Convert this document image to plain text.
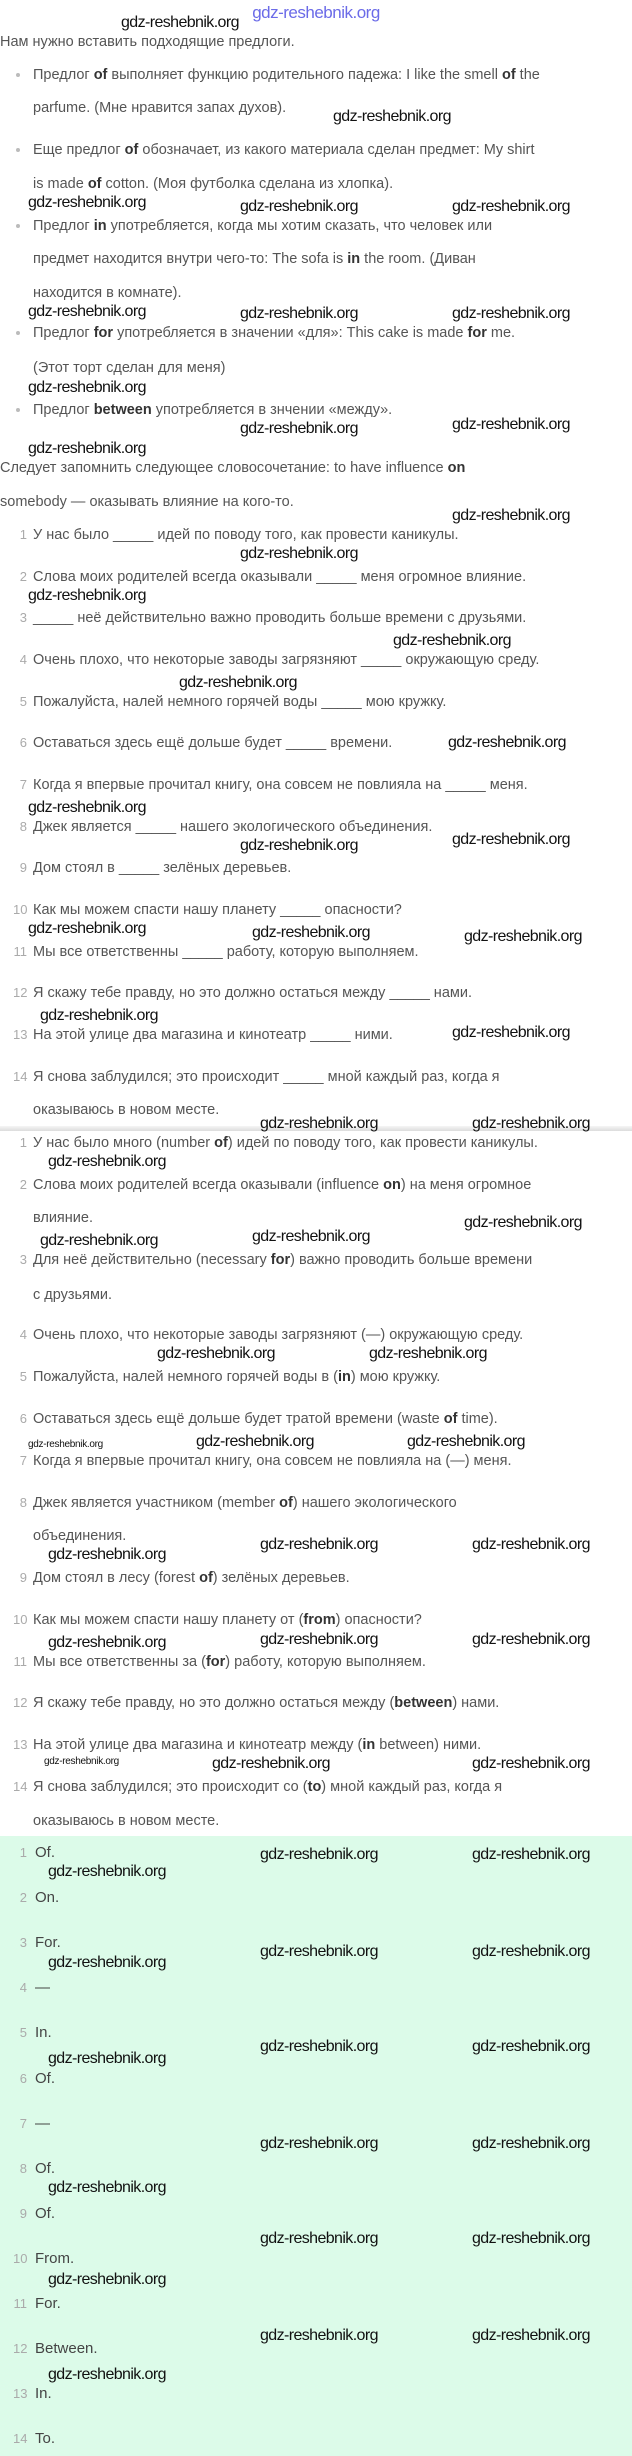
gdz-reshebnik.org
Нам нужно вставить подходящие предлоги.
Предлог of выполняет функцию родительного падежа: I like the smell of the
parfume. (Мне нравится запах духов).
Еще предлог of обозначает, из какого материала сделан предмет: My shirt
is made of cotton. (Моя футболка сделана из хлопка).
Предлог in употребляется, когда мы хотим сказать, что человек или
предмет находится внутри чего-то: The sofa is in the room. (Диван
находится в комнате).
Предлог for употребляется в значении «для»: This cake is made for me.
(Этот торт сделан для меня)
Предлог between употребляется в знчении «между».
Следует запомнить следующее словосочетание: to have influence on
somebody — оказывать влияние на кого-то.
1 У нас было _____ идей по поводу того, как провести каникулы.
2 Слова моих родителей всегда оказывали _____ меня огромное влияние.
3 _____ неё действительно важно проводить больше времени с друзьями.
4 Очень плохо, что некоторые заводы загрязняют _____ окружающую среду.
5 Пожалуйста, налей немного горячей воды _____ мою кружку.
6 Оставаться здесь ещё дольше будет _____ времени.
7 Когда я впервые прочитал книгу, она совсем не повлияла на _____ меня.
8 Джек является _____ нашего экологического объединения.
9 Дом стоял в _____ зелёных деревьев.
10 Как мы можем спасти нашу планету _____ опасности?
11 Мы все ответственны _____ работу, которую выполняем.
12 Я скажу тебе правду, но это должно остаться между _____ нами.
13 На этой улице два магазина и кинотеатр _____ ними.
14 Я снова заблудился; это происходит _____ мной каждый раз, когда я
оказываюсь в новом месте.
1 У нас было много (number of) идей по поводу того, как провести каникулы.
2 Слова моих родителей всегда оказывали (influence on) на меня огромное
влияние.
3 Для неё действительно (necessary for) важно проводить больше времени
с друзьями.
4 Очень плохо, что некоторые заводы загрязняют (—) окружающую среду.
5 Пожалуйста, налей немного горячей воды в (in) мою кружку.
6 Оставаться здесь ещё дольше будет тратой времени (waste of time).
7 Когда я впервые прочитал книгу, она совсем не повлияла на (—) меня.
8 Джек является участником (member of) нашего экологического
объединения.
9 Дом стоял в лесу (forest of) зелёных деревьев.
10 Как мы можем спасти нашу планету от (from) опасности?
11 Мы все ответственны за (for) работу, которую выполняем.
12 Я скажу тебе правду, но это должно остаться между (between) нами.
13 На этой улице два магазина и кинотеатр между (in between) ними.
14 Я снова заблудился; это происходит со (to) мной каждый раз, когда я
оказываюсь в новом месте.
1 Of.
2 On.
3 For.
4 —
5 In.
6 Of.
7 —
8 Of.
9 Of.
10 From.
11 For.
12 Between.
13 In.
14 To.
gdz-reshebnik.org
gdz-reshebnik.org
gdz-reshebnik.org	gdz-reshebnik.org	gdz-reshebnik.org
gdz-reshebnik.org	gdz-reshebnik.org	gdz-reshebnik.org
gdz-reshebnik.org
gdz-reshebnik.org	gdz-reshebnik.org
gdz-reshebnik.org
gdz-reshebnik.org
gdz-reshebnik.org
gdz-reshebnik.org
gdz-reshebnik.org
gdz-reshebnik.org
gdz-reshebnik.org
gdz-reshebnik.org
gdz-reshebnik.org	gdz-reshebnik.org
gdz-reshebnik.org	gdz-reshebnik.org	gdz-reshebnik.org
gdz-reshebnik.org
gdz-reshebnik.org
gdz-reshebnik.org
gdz-reshebnik.org	gdz-reshebnik.org
gdz-reshebnik.org
gdz-reshebnik.org
gdz-reshebnik.org
gdz-reshebnik.org	gdz-reshebnik.org
gdz-reshebnik.org	gdz-reshebnik.org	gdz-reshebnik.org
gdz-reshebnik.org	gdz-reshebnik.org
gdz-reshebnik.org
gdz-reshebnik.org	gdz-reshebnik.org
gdz-reshebnik.org
gdz-reshebnik.org	gdz-reshebnik.org	gdz-reshebnik.org
gdz-reshebnik.org	gdz-reshebnik.org
gdz-reshebnik.org
gdz-reshebnik.org	gdz-reshebnik.org
gdz-reshebnik.org
gdz-reshebnik.org	gdz-reshebnik.org
gdz-reshebnik.org
gdz-reshebnik.org	gdz-reshebnik.org
gdz-reshebnik.org
gdz-reshebnik.org	gdz-reshebnik.org
gdz-reshebnik.org
gdz-reshebnik.org	gdz-reshebnik.org
gdz-reshebnik.org
